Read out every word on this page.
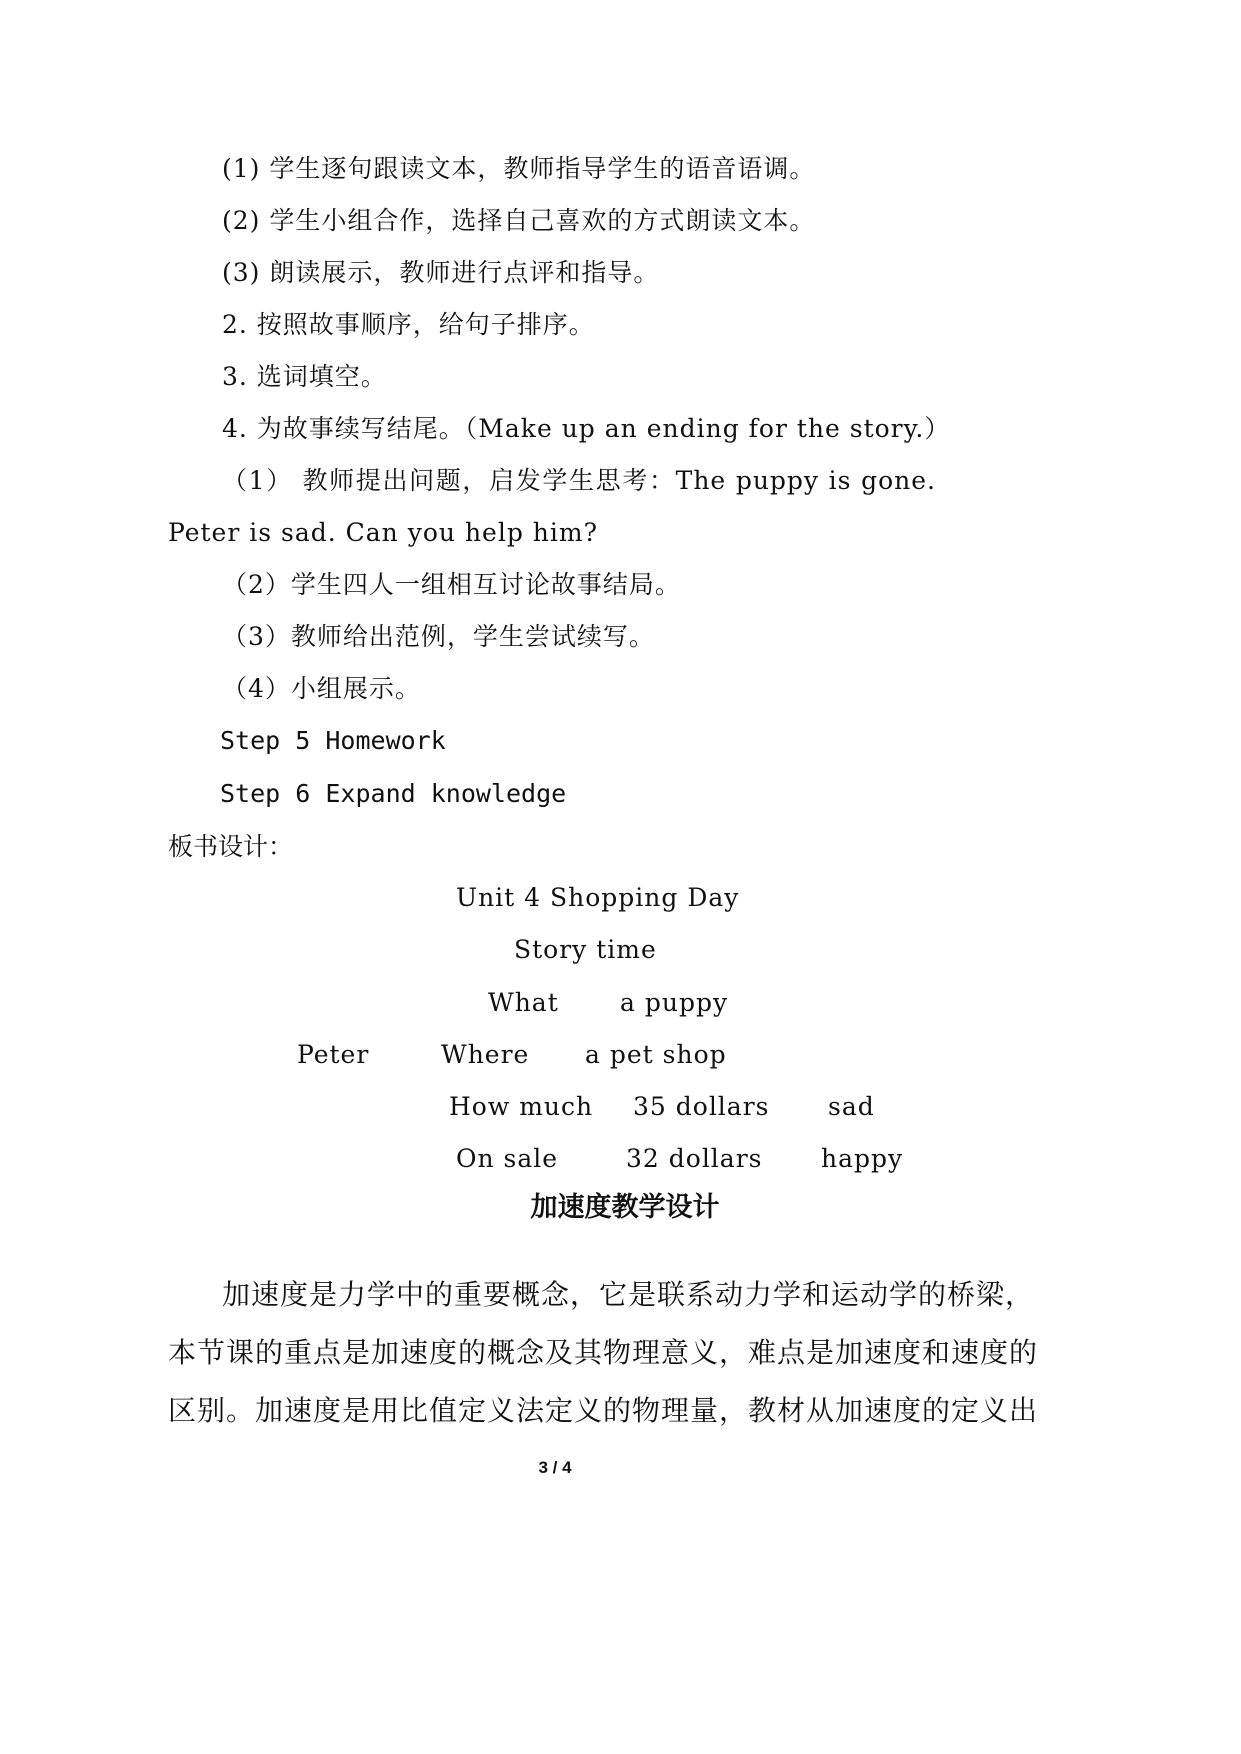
(1) 学生逐句跟读文本，教师指导学生的语音语调。
(2) 学生小组合作，选择自己喜欢的方式朗读文本。
(3) 朗读展示，教师进行点评和指导。
2. 按照故事顺序，给句子排序。
3. 选词填空。
4. 为故事续写结尾。（Make up an ending for the story.）
（1） 教师提出问题，启发学生思考：The puppy is gone.
Peter is sad. Can you help him?
（2）学生四人一组相互讨论故事结局。
（3）教师给出范例，学生尝试续写。
（4）小组展示。
Step 5 Homework
Step 6 Expand knowledge
板书设计：
Unit 4 Shopping Day
Story time
What a puppy
Peter	Where a pet shop
How much 35 dollars sad
On sale	32 dollars happy
加速度教学设计
加速度是力学中的重要概念，它是联系动力学和运动学的桥梁，
本节课的重点是加速度的概念及其物理意义，难点是加速度和速度的
区别。加速度是用比值定义法定义的物理量，教材从加速度的定义出
3 / 4
